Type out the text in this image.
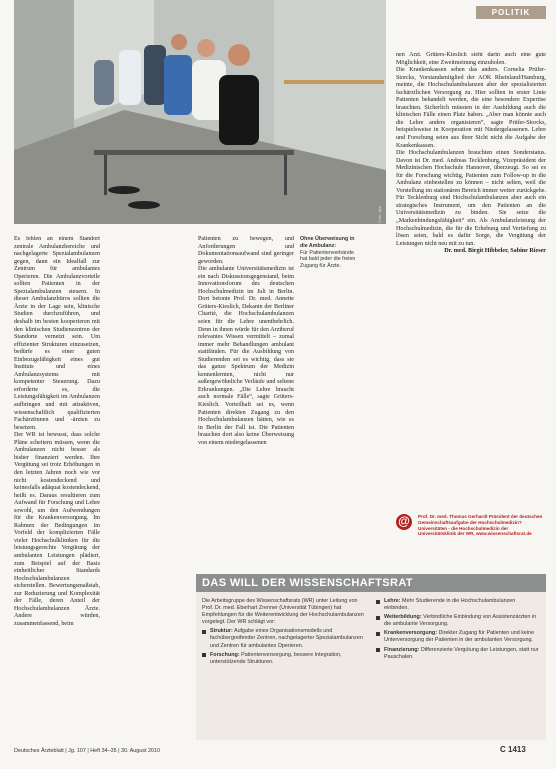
Foto: dpa
POLITIK
Ohne Überweisung in die Ambulanz:
Für Patientenverbände hat bald jeder die freien Zugang für Ärzte.

Es fehlen an einem Standort zentrale Ambulanzbereiche und nachgelagerte Spezialambulanzen gegen, dann ein Idealfall zur Zentrum für ambulantes Operieren. Die Ambulanzvorteile sollten Patienten in der Spezialambulanzen steuern. In dieser Ambulanzbüros sollten die Ärzte in der Lage sein, klinische Studien durchzuführen, und deshalb im besten kooperieren mit den klinischen Studienzentren der Standorte vernetzt sein. Um effizienter Strukturen einzusetzen, bedürfe es einer guten Einbezugsfähigkeit eines gut Instituts und eines Ambulanzsystems mit kompetenter Steuerung. Dazu erforderte es, die Leistungsfähigkeit im Ambulanzen aufbringen und mit attraktiven, wissenschaftlich qualifizierten Fachärztinnen und -ärzten zu besetzen.

Der WR ist bewusst, dass solche Pläne scheitern müssen, wenn die Ambulanzen nicht besser als bisher finanziert werden. Ihre Vergütung sei trotz Erhöhungen in den letzten Jahren noch wie vor nicht kostendeckend und keinesfalls adäquat kostendeckend, heißt es. Daraus resultieren zum Aufwand für Forschung und Lehre sowohl, um den Aufwendungen für die Krankenversorgung. Im Rahmen der Bedingungen im Vorfeld der komplizierten Fälle vieler Hochschulkliniken für die leistungsgerechte Vergütung der ambulanten Leistungen plädiert, zum Beispiel auf der Basis einheitlicher Standards Hochschulambulanzen sicherstellen. Bewertungsmaßstab, zur Reduzierung und Komplexität der Fälle, deren Anteil der Hochschulambulanzen Ärzte. Andere würden, zusammenfassend, beim

Patienten zu bewegen, und Anforderungen und Dokumentationsaufwand sind geringer geworden.

Die ambulante Universitätsmedizin ist ein nach Diskussionsgegenstand, beim Innovationsforum des deutschen Hochschulmedizin im Juli in Berlin. Dort betonte Prof. Dr. med. Annette Grüters-Kieslich, Dekanin der Berliner Charité, die Hochschulambulanzen seien für die Lehre unentbehrlich. Denn in ihnen würde für den Arztberuf relevantes Wissen vermittelt – zumal immer mehr Behandlungen ambulant stattfänden. Für die Ausbildung von Studierenden sei es wichtig, dass sie das ganze Spektrum der Medizin kennenlernten, nicht nur außergewöhnliche Verläufe und seltene Erkrankungen. „Die Lehre braucht auch normale Fälle“, sagte Grüters-Kieslich. Vorteilhaft sei es, wenn Patienten direkten Zugang zu den Hochschulambulanzen hätten, wie es in Berlin der Fall ist. Die Patienten brauchen dort also keine Überweisung von einem niedergelassenen

nen Arzt. Grüters-Kieslich sieht darin auch eine gute Möglichkeit, eine Zweitmeinung einzuholen.

Die Krankenkassen sehen das anders. Cornelia Prüfer-Storcks, Vorstandsmitglied der AOK Rheinland/Hamburg, meinte, die Hochschulambulanzen aber der spezialisierten fachärztlichen Versorgung zu. Hier sollten in erster Linie Patienten behandelt werden, die eine besondere Expertise brauchten. Sicherlich müssten in der Ausbildung auch die klinischen Fälle einen Platz haben. „Aber man könnte auch die Lehre anders organisieren“, sagte Prüfer-Storcks, beispielsweise in Kooperation mit Niedergelassenen. Lehre und Forschung seien aus ihrer Sicht nicht die Aufgabe der Krankenkassen.

Die Hochschulambulanzen brauchten einen Sonderstatus. Davon ist Dr. med. Andreas Tecklenburg, Vizepräsident der Medizinischen Hochschule Hannover, überzeugt. So sei es für die Forschung wichtig, Patienten zum Follow-up in die Ambulanz einbestellen zu können – nicht selten, weil die Vorstellung im stationären Bereich immer weiter zurückgehe. Für Tecklenburg sind Hochschulambulanzen aber auch ein strategisches Instrument, um den Patienten an die Universitätsmedizin zu binden. Sie setze die „Markenbindungsfähigkeit“ ein. Als Ambulanzleistung der Hochschulmedizin, die für die Erhebung und Vertiefung zu lösen seien, bald es dafür Sorge, die Vergütung der Leistungen nicht neu mit zu tun.

Dr. med. Birgit Hibbeler, Sabine Rieser

@	Prof. Dr. med. Thomas Gerhardt Präsident der deutschen Gemeinschaftsaufgabe der Hochschulmedizin? Universitäten - die Hochschulmedizin der Universitätsklinik der WR, www.wissenschaftsrat.de
DAS WILL DER WISSENSCHAFTSRAT

Die Arbeitsgruppe des Wissenschaftsrats (WR) unter Leitung von Prof. Dr. med. Eberhart Zrenner (Universität Tübingen) hat Empfehlungen für die Weiterentwicklung der Hochschulambulanzen vorgelegt. Der WR schlägt vor:

Struktur: Aufgabe eines Organisationsmodells und fachübergreifender Zentren, nachgelagerter Spezialambulanzen und Zentren für ambulantes Operieren.
Forschung: Patientenversorgung, bessere Integration, unterstützende Strukturen.
Lehre: Mehr Studierende in die Hochschulambulanzen einbinden.
Weiterbildung: Verbindliche Einbindung von Assistenzärzten in die ambulante Versorgung.
Krankenversorgung: Direkter Zugang für Patienten und keine Unterversorgung der Patienten in der ambulanten Versorgung.
Finanzierung: Differenzierte Vergütung der Leistungen, statt nur Pauschalen.
Deutsches Ärzteblatt | Jg. 107 | Heft 34–35 | 30. August 2010	C 1413
